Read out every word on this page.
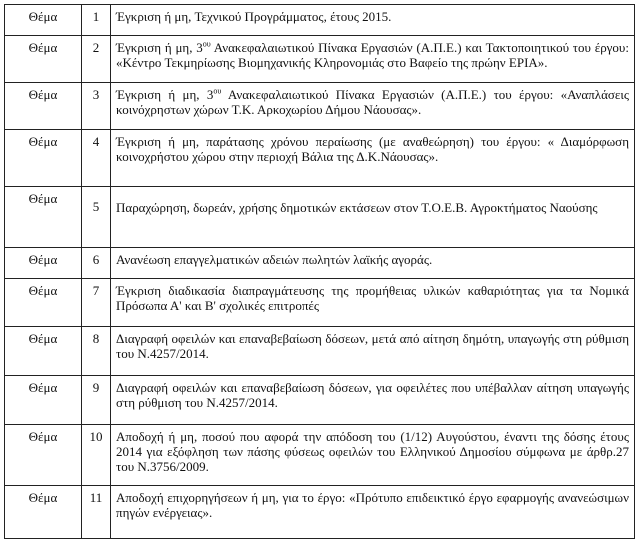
Θέμα	1	Έγκριση ή μη, Τεχνικού Προγράμματος, έτους 2015.
Θέμα	2	Έγκριση ή μη, $3^{o\upsilon}$ Ανακεφαλαιωτικού Πίνακα Εργασιών (Α.Π.Ε.) και Τακτοποιητικού του έργου: «Κέντρο Τεκμηρίωσης Βιομηχανικής Κληρονομιάς στο Βαφείο της πρώην ΕΡΙΑ».
Θέμα	3	Έγκριση ή μη, $3^{o\upsilon}$ Ανακεφαλαιωτικού Πίνακα Εργασιών (Α.Π.Ε.) του έργου: «Αναπλάσεις κοινόχρηστων χώρων Τ.Κ. Αρκοχωρίου Δήμου Νάουσας».
Θέμα	4	Έγκριση ή μη, παράτασης χρόνου περαίωσης (με αναθεώρηση) του έργου: « Διαμόρφωση κοινοχρήστου χώρου στην περιοχή Βάλια της Δ.Κ.Νάουσας».
Θέμα	5	Παραχώρηση, δωρεάν, χρήσης δημοτικών εκτάσεων στον Τ.Ο.Ε.Β. Αγροκτήματος Ναούσης
Θέμα	6	Ανανέωση επαγγελματικών αδειών πωλητών λαϊκής αγοράς.
Θέμα	7	Έγκριση διαδικασία διαπραγμάτευσης της προμήθειας υλικών καθαριότητας για τα Νομικά Πρόσωπα Α' και Β' σχολικές επιτροπές
Θέμα	8	Διαγραφή οφειλών και επαναβεβαίωση δόσεων, μετά από αίτηση δημότη, υπαγωγής στη ρύθμιση του Ν.4257/2014.
Θέμα	9	Διαγραφή οφειλών και επαναβεβαίωση δόσεων, για οφειλέτες που υπέβαλλαν αίτηση υπαγωγής στη ρύθμιση του Ν.4257/2014.
Θέμα	10	Αποδοχή ή μη, ποσού που αφορά την απόδοση του (1/12) Αυγούστου, έναντι της δόσης έτους 2014 για εξόφληση των πάσης φύσεως οφειλών του Ελληνικού Δημοσίου σύμφωνα με άρθρ.27 του Ν.3756/2009.
Θέμα	11	Αποδοχή επιχορηγήσεων ή μη, για το έργο: «Πρότυπο επιδεικτικό έργο εφαρμογής ανανεώσιμων πηγών ενέργειας».
